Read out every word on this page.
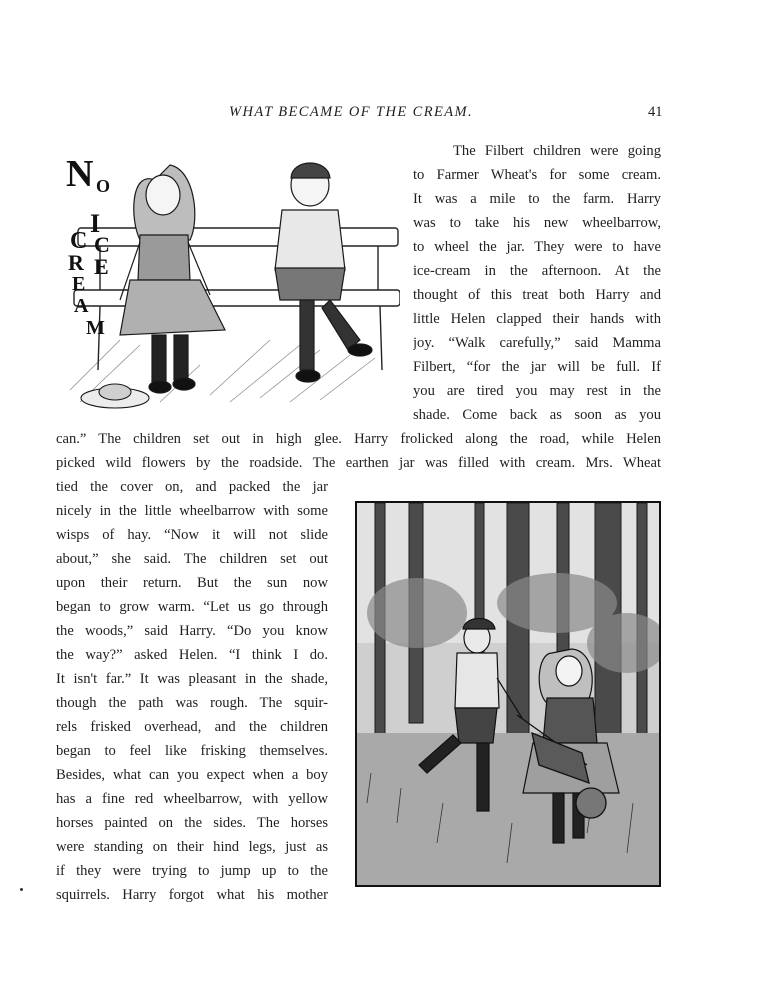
WHAT BECAME OF THE CREAM.	41
N O
I
C
E
C
R
E
A
M
The Filbert children were going
to Farmer Wheat's for some cream.
It was a mile to the farm. Harry
was to take his new wheelbarrow,
to wheel the jar. They were to have
ice-cream in the afternoon. At the
thought of this treat both Harry and
little Helen clapped their hands with
joy. “Walk carefully,” said Mamma
Filbert, “for the jar will be full. If
you are tired you may rest in the
shade. Come back as soon as you
can.” The children set out in high glee. Harry frolicked along the road, while Helen
picked wild flowers by the roadside. The earthen jar was filled with cream. Mrs. Wheat
tied the cover on, and packed the jar
nicely in the little wheelbarrow with some
wisps of hay. “Now it will not slide
about,” she said. The children set out
upon their return. But the sun now
began to grow warm. “Let us go through
the woods,” said Harry. “Do you know
the way?” asked Helen. “I think I do.
It isn't far.” It was pleasant in the shade,
though the path was rough. The squir-
rels frisked overhead, and the children
began to feel like frisking themselves.
Besides, what can you expect when a boy
has a fine red wheelbarrow, with yellow
horses painted on the sides. The horses
were standing on their hind legs, just as
if they were trying to jump up to the
squirrels. Harry forgot what his mother
